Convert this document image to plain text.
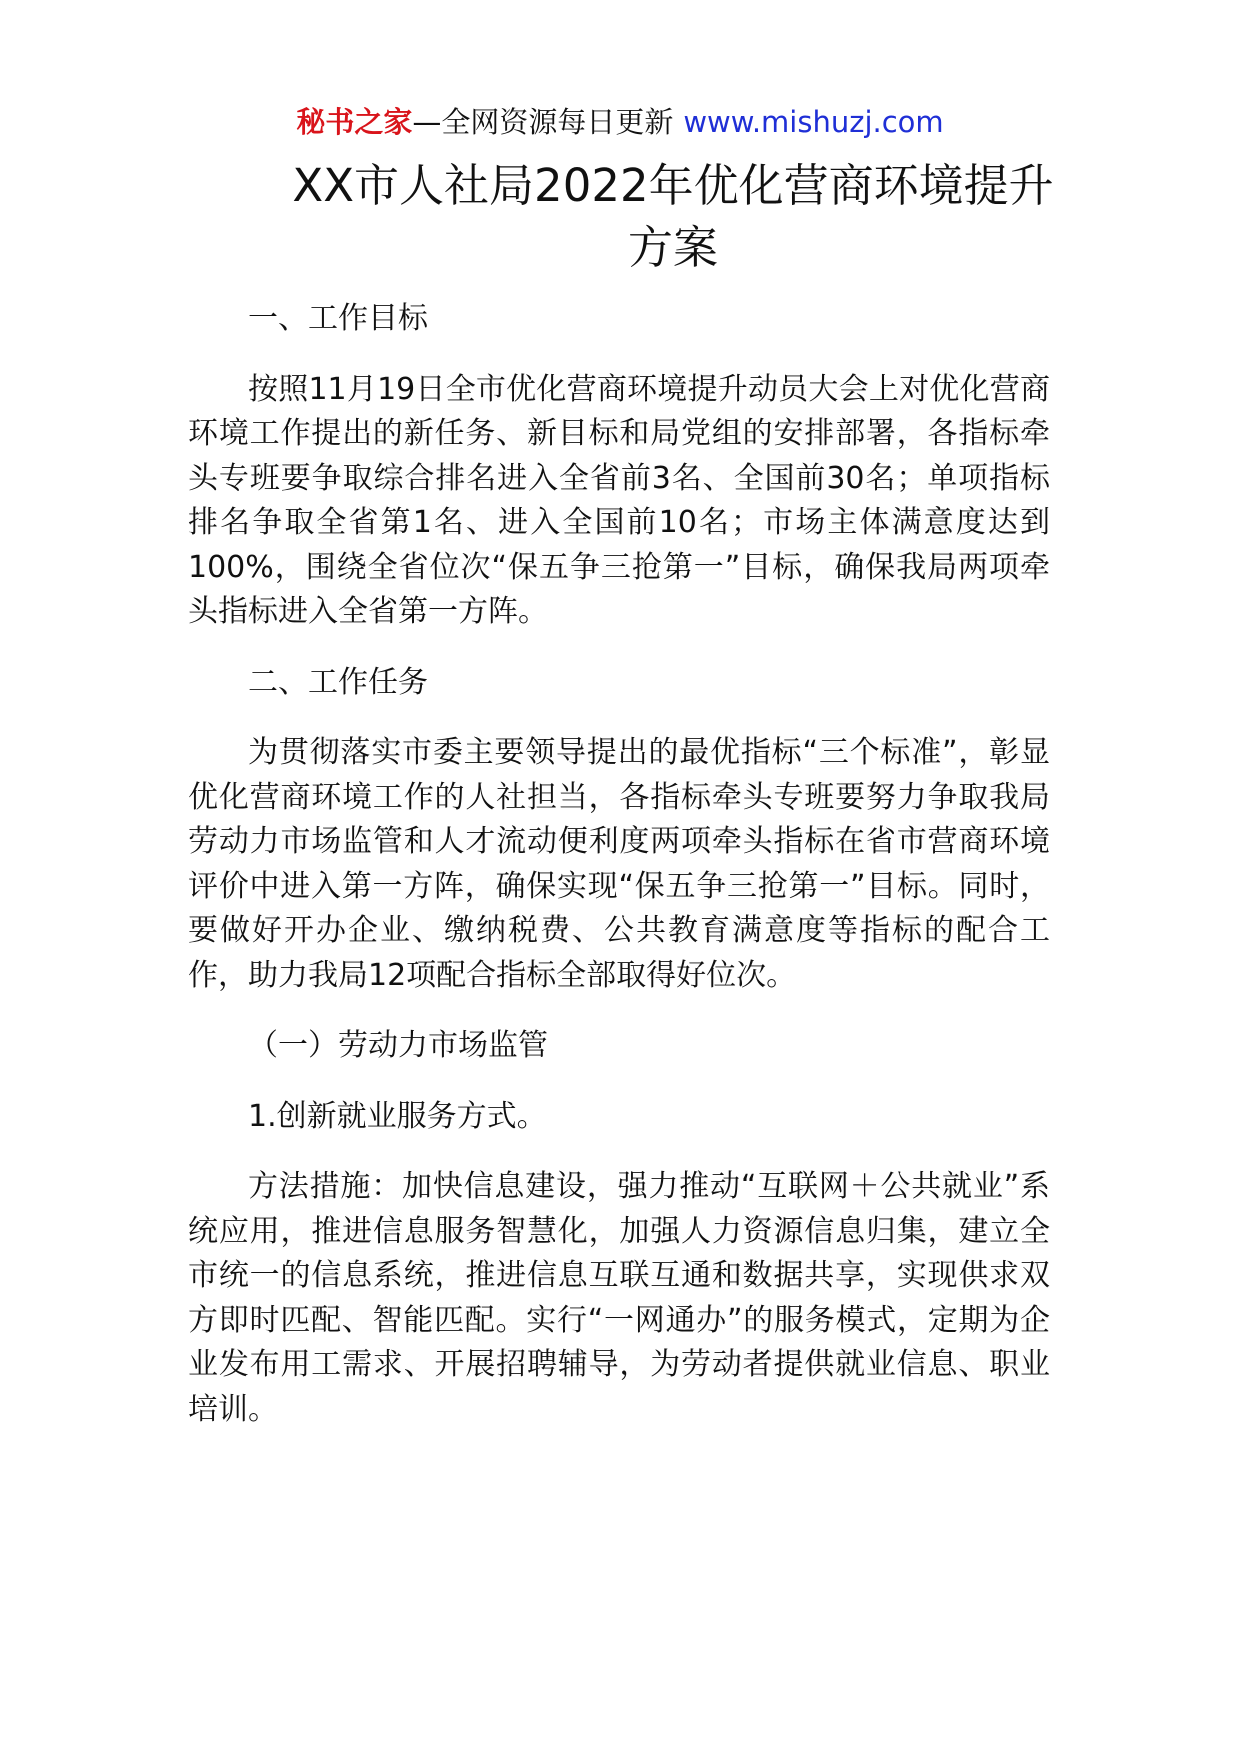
秘书之家—全网资源每日更新 www.mishuzj.com
XX市人社局2022年优化营商环境提升方案

一、工作目标

按照11月19日全市优化营商环境提升动员大会上对优化营商环境工作提出的新任务、新目标和局党组的安排部署，各指标牵头专班要争取综合排名进入全省前3名、全国前30名；单项指标排名争取全省第1名、进入全国前10名；市场主体满意度达到100%，围绕全省位次“保五争三抢第一”目标，确保我局两项牵头指标进入全省第一方阵。

二、工作任务

为贯彻落实市委主要领导提出的最优指标“三个标准”，彰显优化营商环境工作的人社担当，各指标牵头专班要努力争取我局劳动力市场监管和人才流动便利度两项牵头指标在省市营商环境评价中进入第一方阵，确保实现“保五争三抢第一”目标。同时，要做好开办企业、缴纳税费、公共教育满意度等指标的配合工作，助力我局12项配合指标全部取得好位次。

（一）劳动力市场监管

1.创新就业服务方式。

方法措施：加快信息建设，强力推动“互联网＋公共就业”系统应用，推进信息服务智慧化，加强人力资源信息归集，建立全市统一的信息系统，推进信息互联互通和数据共享，实现供求双方即时匹配、智能匹配。实行“一网通办”的服务模式，定期为企业发布用工需求、开展招聘辅导，为劳动者提供就业信息、职业培训。
